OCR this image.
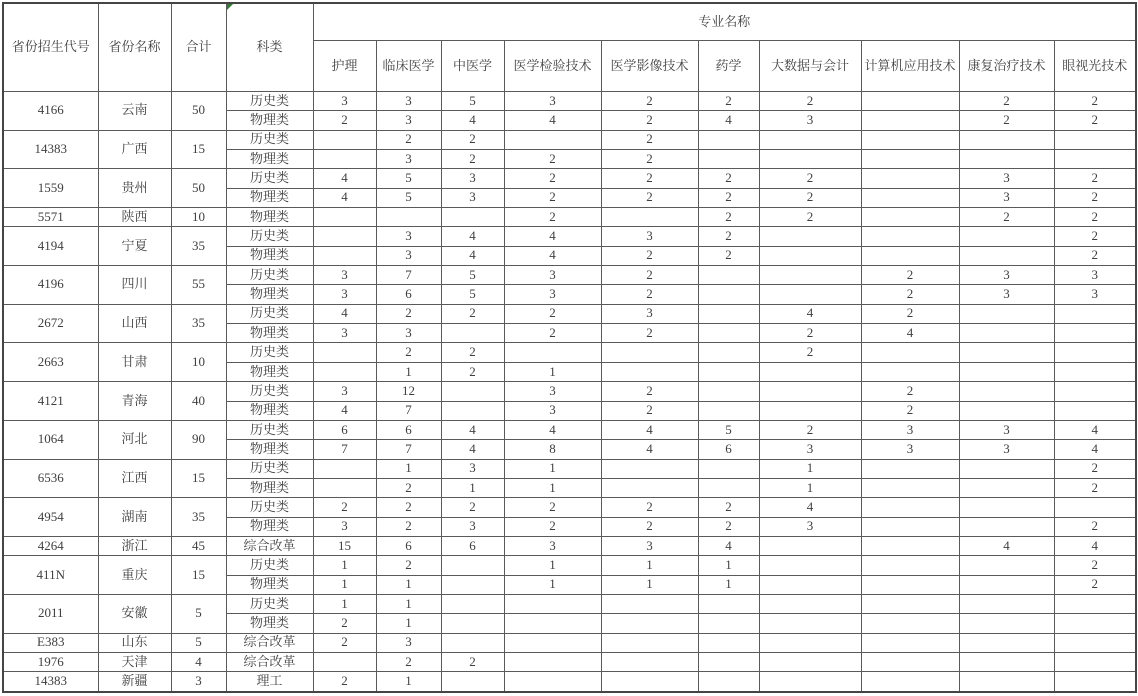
省份招生代号	省份名称	合计	科类	专业名称									
				护理	临床医学	中医学	医学检验技术	医学影像技术	药学	大数据与会计	计算机应用技术	康复治疗技术	眼视光技术
4166	云南	50	历史类	3	3	5	3	2	2	2		2	2
			物理类	2	3	4	4	2	4	3		2	2
14383	广西	15	历史类		2	2		2					
			物理类		3	2	2	2					
1559	贵州	50	历史类	4	5	3	2	2	2	2		3	2
			物理类	4	5	3	2	2	2	2		3	2
5571	陕西	10	物理类				2		2	2		2	2
4194	宁夏	35	历史类		3	4	4	3	2				2
			物理类		3	4	4	2	2				2
4196	四川	55	历史类	3	7	5	3	2			2	3	3
			物理类	3	6	5	3	2			2	3	3
2672	山西	35	历史类	4	2	2	2	3		4	2		
			物理类	3	3		2	2		2	4		
2663	甘肃	10	历史类		2	2				2			
			物理类		1	2	1						
4121	青海	40	历史类	3	12		3	2			2		
			物理类	4	7		3	2			2		
1064	河北	90	历史类	6	6	4	4	4	5	2	3	3	4
			物理类	7	7	4	8	4	6	3	3	3	4
6536	江西	15	历史类		1	3	1			1			2
			物理类		2	1	1			1			2
4954	湖南	35	历史类	2	2	2	2	2	2	4			
			物理类	3	2	3	2	2	2	3			2
4264	浙江	45	综合改革	15	6	6	3	3	4			4	4
411N	重庆	15	历史类	1	2		1	1	1				2
			物理类	1	1		1	1	1				2
2011	安徽	5	历史类	1	1								
			物理类	2	1								
E383	山东	5	综合改革	2	3								
1976	天津	4	综合改革		2	2							
14383	新疆	3	理工	2	1								
